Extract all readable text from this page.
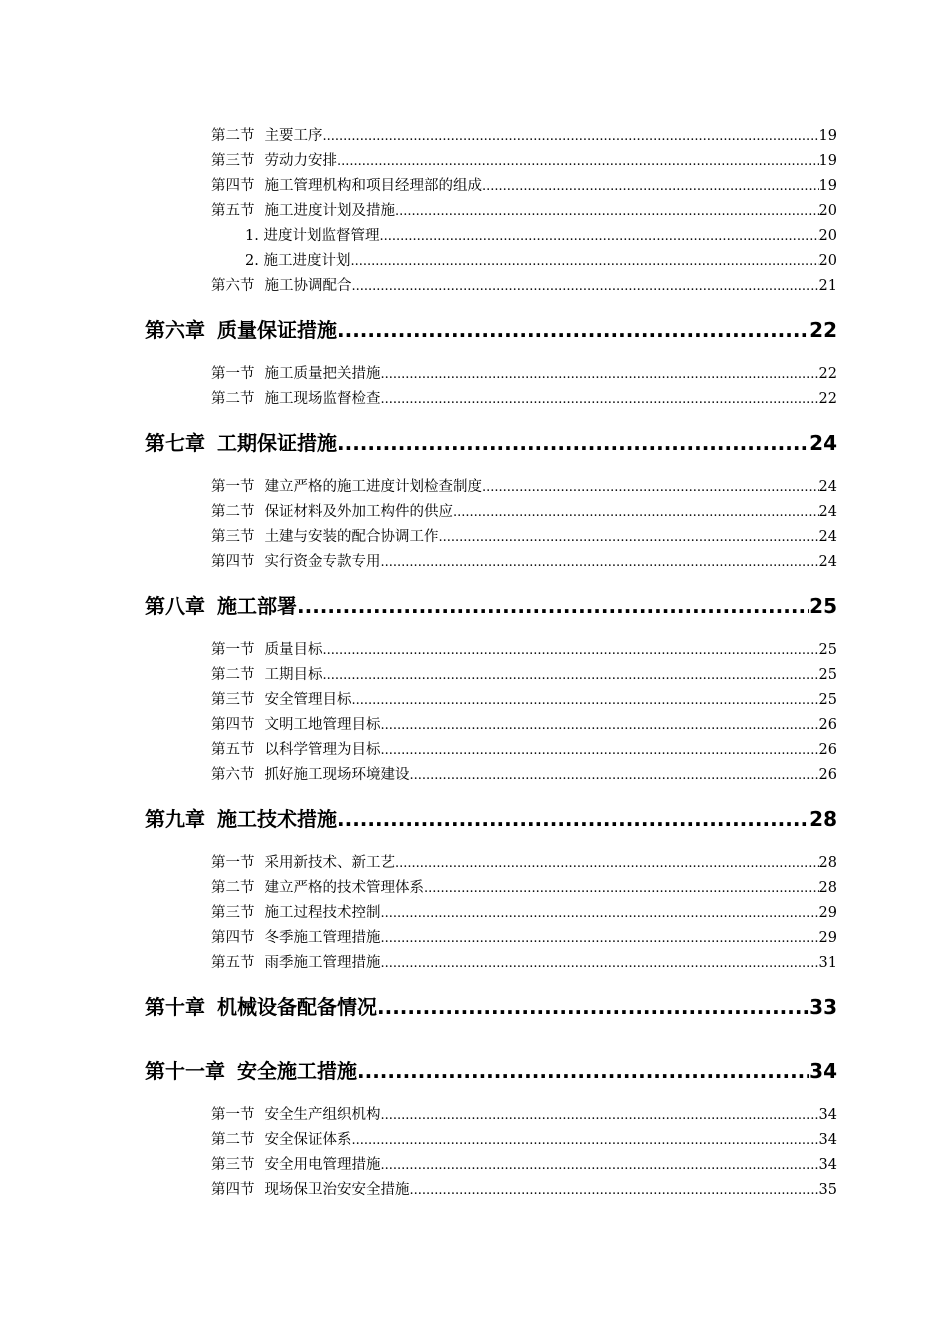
第二节 主要工序 .....	19
第三节 劳动力安排 .....	19
第四节 施工管理机构和项目经理部的组成 .....	19
第五节 施工进度计划及措施 .....	20
1. 进度计划监督管理 .....	20
2. 施工进度计划 .....	20
第六节 施工协调配合 .....	21
第六章 质量保证措施 .....	22
第一节 施工质量把关措施 .....	22
第二节 施工现场监督检查 .....	22
第七章 工期保证措施 .....	24
第一节 建立严格的施工进度计划检查制度 .....	24
第二节 保证材料及外加工构件的供应 .....	24
第三节 土建与安装的配合协调工作 .....	24
第四节 实行资金专款专用 .....	24
第八章 施工部署 .....	25
第一节 质量目标 .....	25
第二节 工期目标 .....	25
第三节 安全管理目标 .....	25
第四节 文明工地管理目标 .....	26
第五节 以科学管理为目标 .....	26
第六节 抓好施工现场环境建设 .....	26
第九章 施工技术措施 .....	28
第一节 采用新技术、新工艺 .....	28
第二节 建立严格的技术管理体系 .....	28
第三节 施工过程技术控制 .....	29
第四节 冬季施工管理措施 .....	29
第五节 雨季施工管理措施 .....	31
第十章 机械设备配备情况 .....	33
第十一章 安全施工措施 .....	34
第一节 安全生产组织机构 .....	34
第二节 安全保证体系 .....	34
第三节 安全用电管理措施 .....	34
第四节 现场保卫治安安全措施 .....	35
